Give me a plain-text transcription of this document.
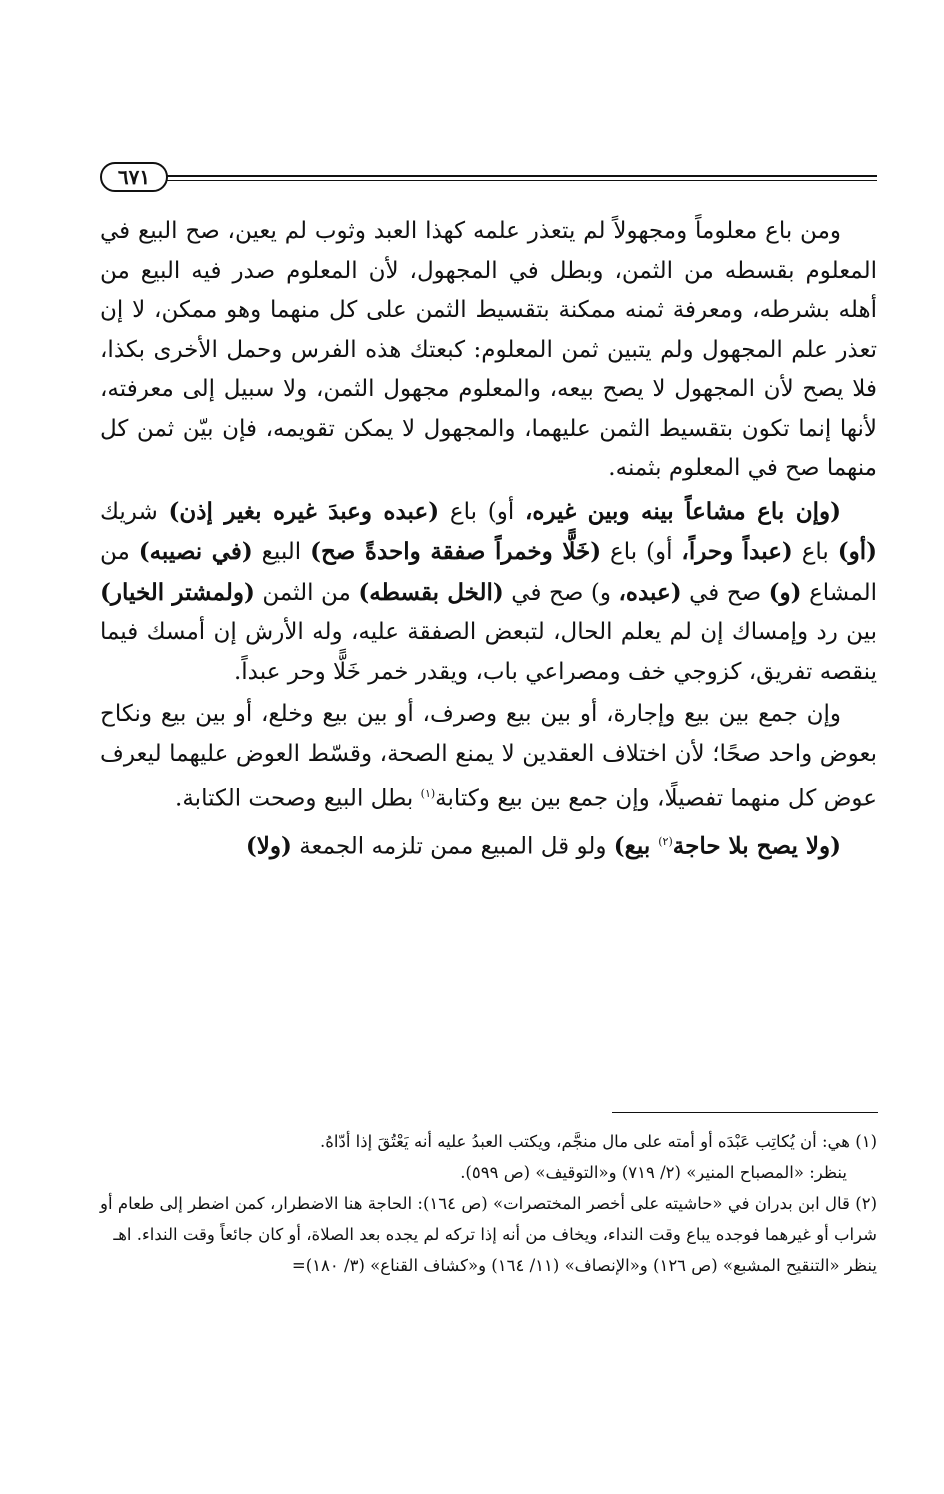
٦٧١

ومن باع معلوماً ومجهولاً لم يتعذر علمه كهذا العبد وثوب لم يعين، صح البيع في المعلوم بقسطه من الثمن، وبطل في المجهول، لأن المعلوم صدر فيه البيع من أهله بشرطه، ومعرفة ثمنه ممكنة بتقسيط الثمن على كل منهما وهو ممكن، لا إن تعذر علم المجهول ولم يتبين ثمن المعلوم: كبعتك هذه الفرس وحمل الأخرى بكذا، فلا يصح لأن المجهول لا يصح بيعه، والمعلوم مجهول الثمن، ولا سبيل إلى معرفته، لأنها إنما تكون بتقسيط الثمن عليهما، والمجهول لا يمكن تقويمه، فإن بيّن ثمن كل منهما صح في المعلوم بثمنه.

(وإن باع مشاعاً بينه وبين غيره، أو) باع (عبده وعبدَ غيره بغير إذن) شريك (أو) باع (عبداً وحراً، أو) باع (خَلًّا وخمراً صفقة واحدةً صح) البيع (في نصيبه) من المشاع (و) صح في (عبده، و) صح في (الخل بقسطه) من الثمن (ولمشتر الخيار) بين رد وإمساك إن لم يعلم الحال، لتبعض الصفقة عليه، وله الأرش إن أمسك فيما ينقصه تفريق، كزوجي خف ومصراعي باب، ويقدر خمر خَلًّا وحر عبداً.

وإن جمع بين بيع وإجارة، أو بين بيع وصرف، أو بين بيع وخلع، أو بين بيع ونكاح بعوض واحد صحًا؛ لأن اختلاف العقدين لا يمنع الصحة، وقسّط العوض عليهما ليعرف عوض كل منهما تفصيلًا، وإن جمع بين بيع وكتابة$^{(١)}$ بطل البيع وصحت الكتابة.

(ولا يصح بلا حاجة$^{(٢)}$ بيع) ولو قل المبيع ممن تلزمه الجمعة (ولا)

(١) هي: أن يُكاتِب عَبْدَه أو أمته على مال منجَّم، ويكتب العبدُ عليه أنه يَعْتُقَ إذا أدّاهُ.

ينظر: «المصباح المنير» (٢/ ٧١٩) و«التوقيف» (ص ٥٩٩).

(٢) قال ابن بدران في «حاشيته على أخصر المختصرات» (ص ١٦٤): الحاجة هنا الاضطرار، كمن اضطر إلى طعام أو شراب أو غيرهما فوجده يباع وقت النداء، ويخاف من أنه إذا تركه لم يجده بعد الصلاة، أو كان جائعاً وقت النداء. اهـ

ينظر «التنقيح المشبع» (ص ١٢٦) و«الإنصاف» (١١/ ١٦٤) و«كشاف القناع» (٣/ ١٨٠)=
